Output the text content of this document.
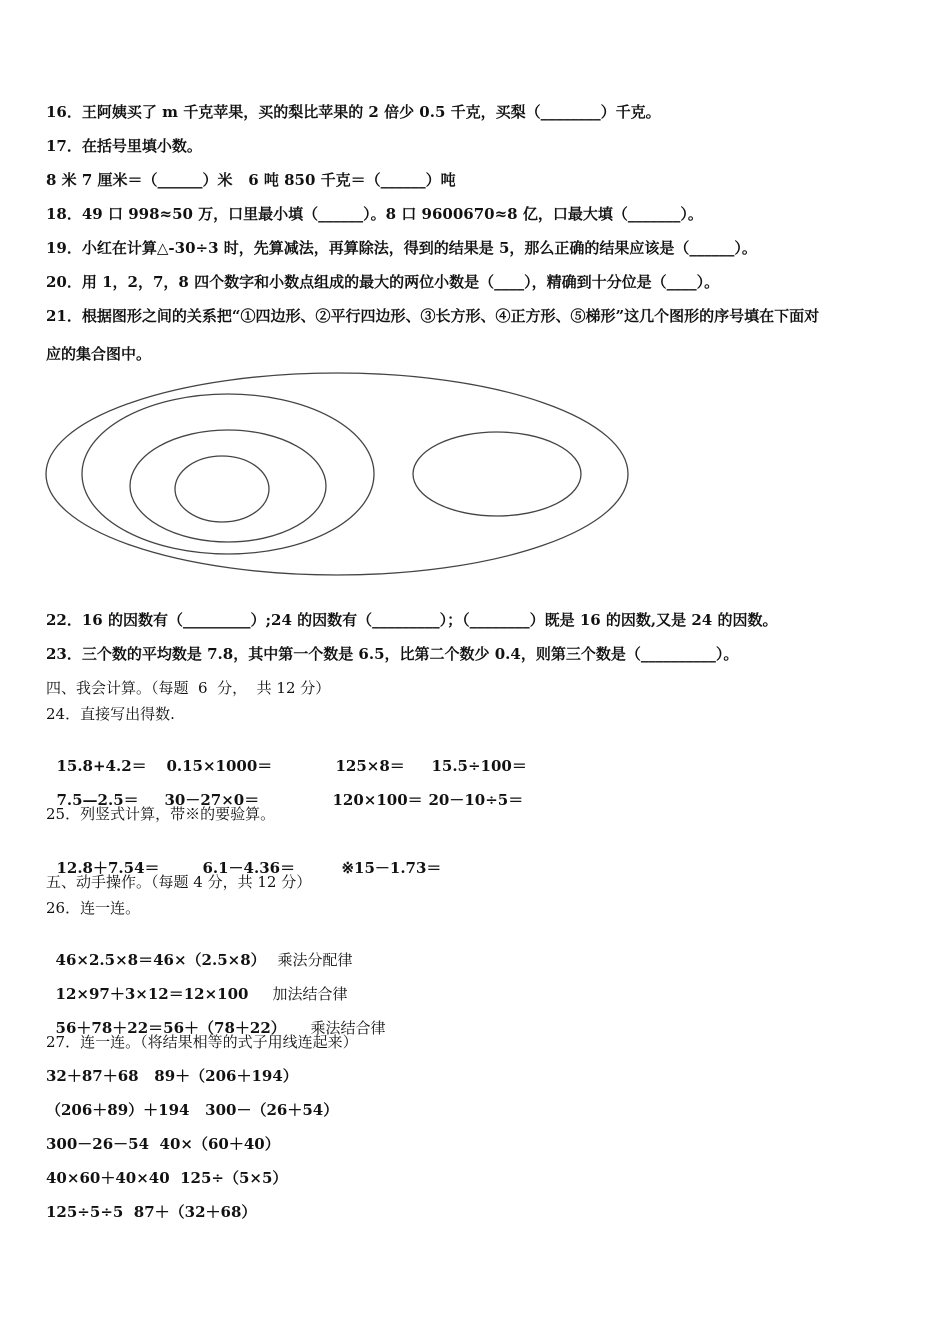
16．王阿姨买了 m 千克苹果，买的梨比苹果的 2 倍少 0.5 千克，买梨（________）千克。
17．在括号里填小数。
8 米 7 厘米＝（______）米   6 吨 850 千克＝（______）吨
18．49 口 998≈50 万，口里最小填（______）。8 口 9600670≈8 亿，口最大填（_______）。
19．小红在计算△-30÷3 时，先算减法，再算除法，得到的结果是 5，那么正确的结果应该是（______）。
20．用 1，2，7，8 四个数字和小数点组成的最大的两位小数是（____），精确到十分位是（____）。
21．根据图形之间的关系把“①四边形、②平行四边形、③长方形、④正方形、⑤梯形”这几个图形的序号填在下面对
应的集合图中。
22．16 的因数有（_________）;24 的因数有（_________）；（________）既是 16 的因数,又是 24 的因数。
23．三个数的平均数是 7.8，其中第一个数是 6.5，比第二个数少 0.4，则第三个数是（__________）。
四、我会计算。（每题  6  分，  共 12 分）
24．直接写出得数.

15.8+4.2＝ 0.15×1000＝	125×8＝ 15.5÷100＝

7.5—2.5＝ 30－27×0＝	120×100＝ 20－10÷5＝

25．列竖式计算，带※的要验算。

12.8＋7.54＝	6.1－4.36＝	※15－1.73＝

五、动手操作。（每题 4 分，共 12 分）
26．连一连。

46×2.5×8＝46×（2.5×8） 乘法分配律

12×97＋3×12＝12×100 加法结合律

56＋78＋22＝56＋（78＋22） 乘法结合律

27．连一连。（将结果相等的式子用线连起来）
32＋87＋68   89＋（206＋194）
（206＋89）＋194   300－（26＋54）
300－26－54  40×（60＋40）
40×60＋40×40  125÷（5×5）
125÷5÷5  87＋（32＋68）
